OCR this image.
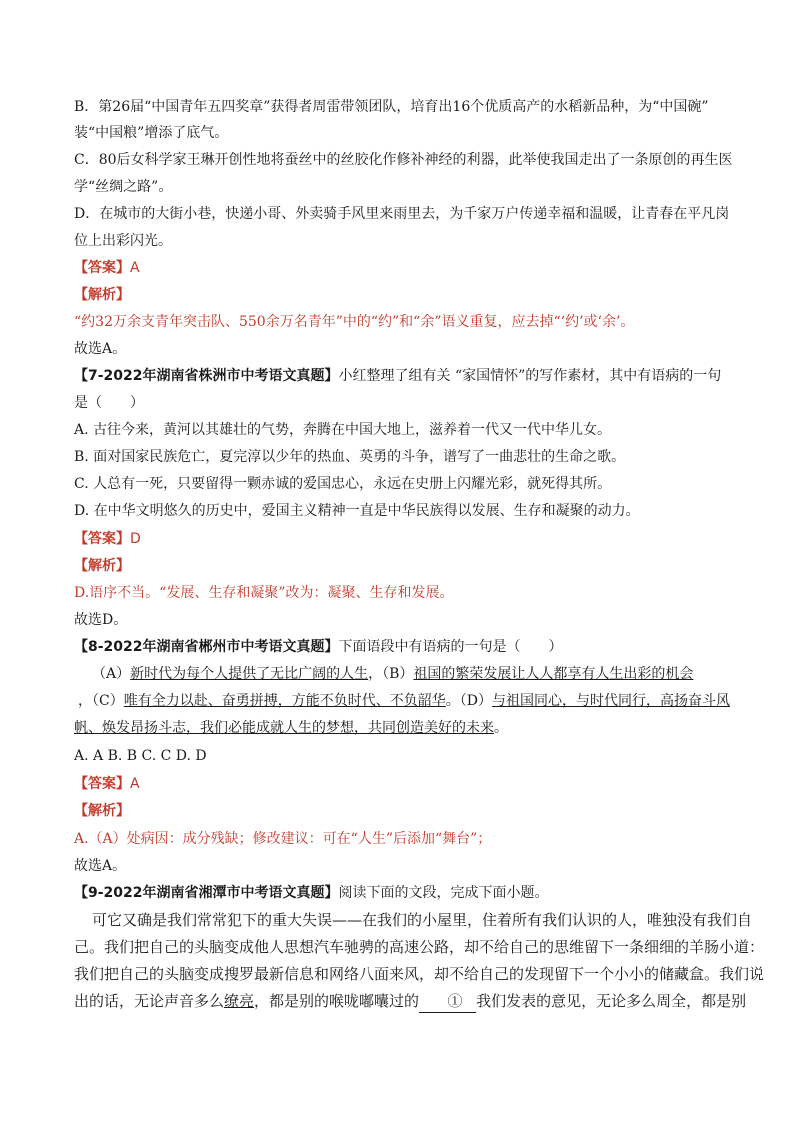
B．第26届“中国青年五四奖章”获得者周雷带领团队，培育出16个优质高产的水稻新品种，为“中国碗”
装“中国粮”增添了底气。
C．80后女科学家王琳开创性地将蚕丝中的丝胶化作修补神经的利器，此举使我国走出了一条原创的再生医
学“丝绸之路”。
D．在城市的大街小巷，快递小哥、外卖骑手风里来雨里去，为千家万户传递幸福和温暖，让青春在平凡岗
位上出彩闪光。
【答案】A
【解析】
“约32万余支青年突击队、550余万名青年”中的“约”和“余”语义重复，应去掉“‘约’或‘余’。
故选A。
【7-2022年湖南省株洲市中考语文真题】小红整理了组有关 “家国情怀”的写作素材，其中有语病的一句
是（　　）
A. 古往今来，黄河以其雄壮的气势，奔腾在中国大地上，滋养着一代又一代中华儿女。
B. 面对国家民族危亡，夏完淳以少年的热血、英勇的斗争，谱写了一曲悲壮的生命之歌。
C. 人总有一死，只要留得一颗赤诚的爱国忠心，永远在史册上闪耀光彩，就死得其所。
D. 在中华文明悠久的历史中，爱国主义精神一直是中华民族得以发展、生存和凝聚的动力。
【答案】D
【解析】
D.语序不当。“发展、生存和凝聚”改为：凝聚、生存和发展。
故选D。
【8-2022年湖南省郴州市中考语文真题】下面语段中有语病的一句是（　　）
（A）新时代为每个人提供了无比广阔的人生，（B）祖国的繁荣发展让人人都享有人生出彩的机会
，（C）唯有全力以赴、奋勇拼搏，方能不负时代、不负韶华。（D）与祖国同心，与时代同行，高扬奋斗风
帆、焕发昂扬斗志，我们必能成就人生的梦想，共同创造美好的未来。
A. A B. B C. C D. D
【答案】A
【解析】
A.（A）处病因：成分残缺；修改建议：可在“人生”后添加“舞台”；
故选A。
【9-2022年湖南省湘潭市中考语文真题】阅读下面的文段，完成下面小题。
可它又确是我们常常犯下的重大失误——在我们的小屋里，住着所有我们认识的人，唯独没有我们自
己。我们把自己的头脑变成他人思想汽车驰骋的高速公路，却不给自己的思维留下一条细细的羊肠小道：
我们把自己的头脑变成搜罗最新信息和网络八面来风，却不给自己的发现留下一个小小的储藏盒。我们说
出的话，无论声音多么缭亮，都是别的喉咙嘟囔过的　①　我们发表的意见，无论多么周全，都是别
